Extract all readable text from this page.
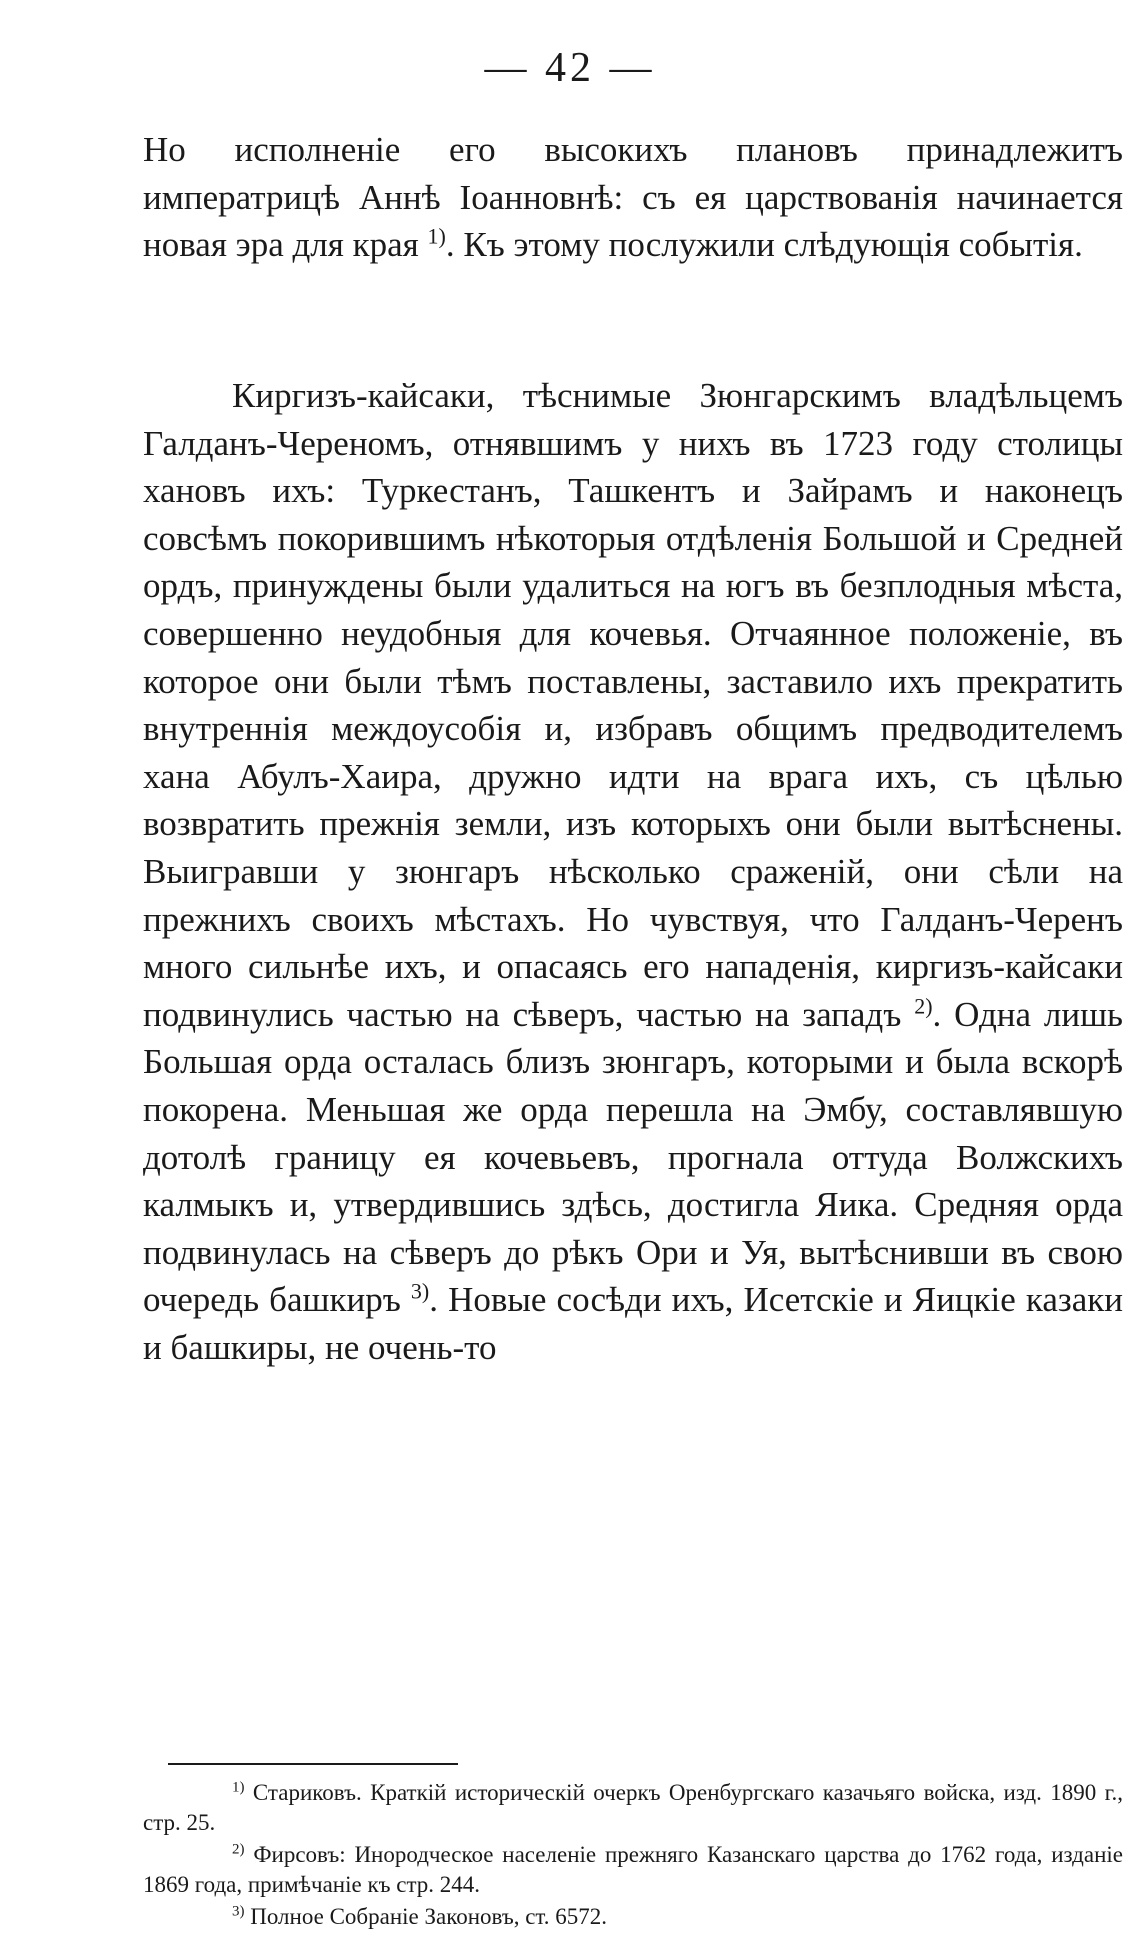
— 42 —

Но исполненіе его высокихъ плановъ принадлежитъ императрицѣ Аннѣ Іоанновнѣ: съ ея царствованія начинается новая эра для края $^{1)}$. Къ этому послужили слѣдующія событія.

Киргизъ-кайсаки, тѣснимые Зюнгарскимъ владѣльцемъ Галданъ-Череномъ, отнявшимъ у нихъ въ 1723 году столицы хановъ ихъ: Туркестанъ, Ташкентъ и Зайрамъ и наконецъ совсѣмъ покорившимъ нѣкоторыя отдѣленія Большой и Средней ордъ, принуждены были удалиться на югъ въ безплодныя мѣста, совершенно неудобныя для кочевья. Отчаянное положеніе, въ которое они были тѣмъ поставлены, заставило ихъ прекратить внутреннія междоусобія и, избравъ общимъ предводителемъ хана Абулъ-Хаира, дружно идти на врага ихъ, съ цѣлью возвратить прежнія земли, изъ которыхъ они были вытѣснены. Выигравши у зюнгаръ нѣсколько сраженій, они сѣли на прежнихъ своихъ мѣстахъ. Но чувствуя, что Галданъ-Черенъ много сильнѣе ихъ, и опасаясь его нападенія, киргизъ-кайсаки подвинулись частью на сѣверъ, частью на западъ $^{2)}$. Одна лишь Большая орда осталась близъ зюнгаръ, которыми и была вскорѣ покорена. Меньшая же орда перешла на Эмбу, составлявшую дотолѣ границу ея кочевьевъ, прогнала оттуда Волжскихъ калмыкъ и, утвердившись здѣсь, достигла Яика. Средняя орда подвинулась на сѣверъ до рѣкъ Ори и Уя, вытѣснивши въ свою очередь башкиръ $^{3)}$. Новые сосѣди ихъ, Исетскіе и Яицкіе казаки и башкиры, не очень-то

$^{1)}$ Стариковъ. Краткій историческій очеркъ Оренбургскаго казачьяго войска, изд. 1890 г., стр. 25.

$^{2)}$ Фирсовъ: Инородческое населеніе прежняго Казанскаго царства до 1762 года, изданіе 1869 года, примѣчаніе къ стр. 244.

$^{3)}$ Полное Собраніе Законовъ, ст. 6572.
